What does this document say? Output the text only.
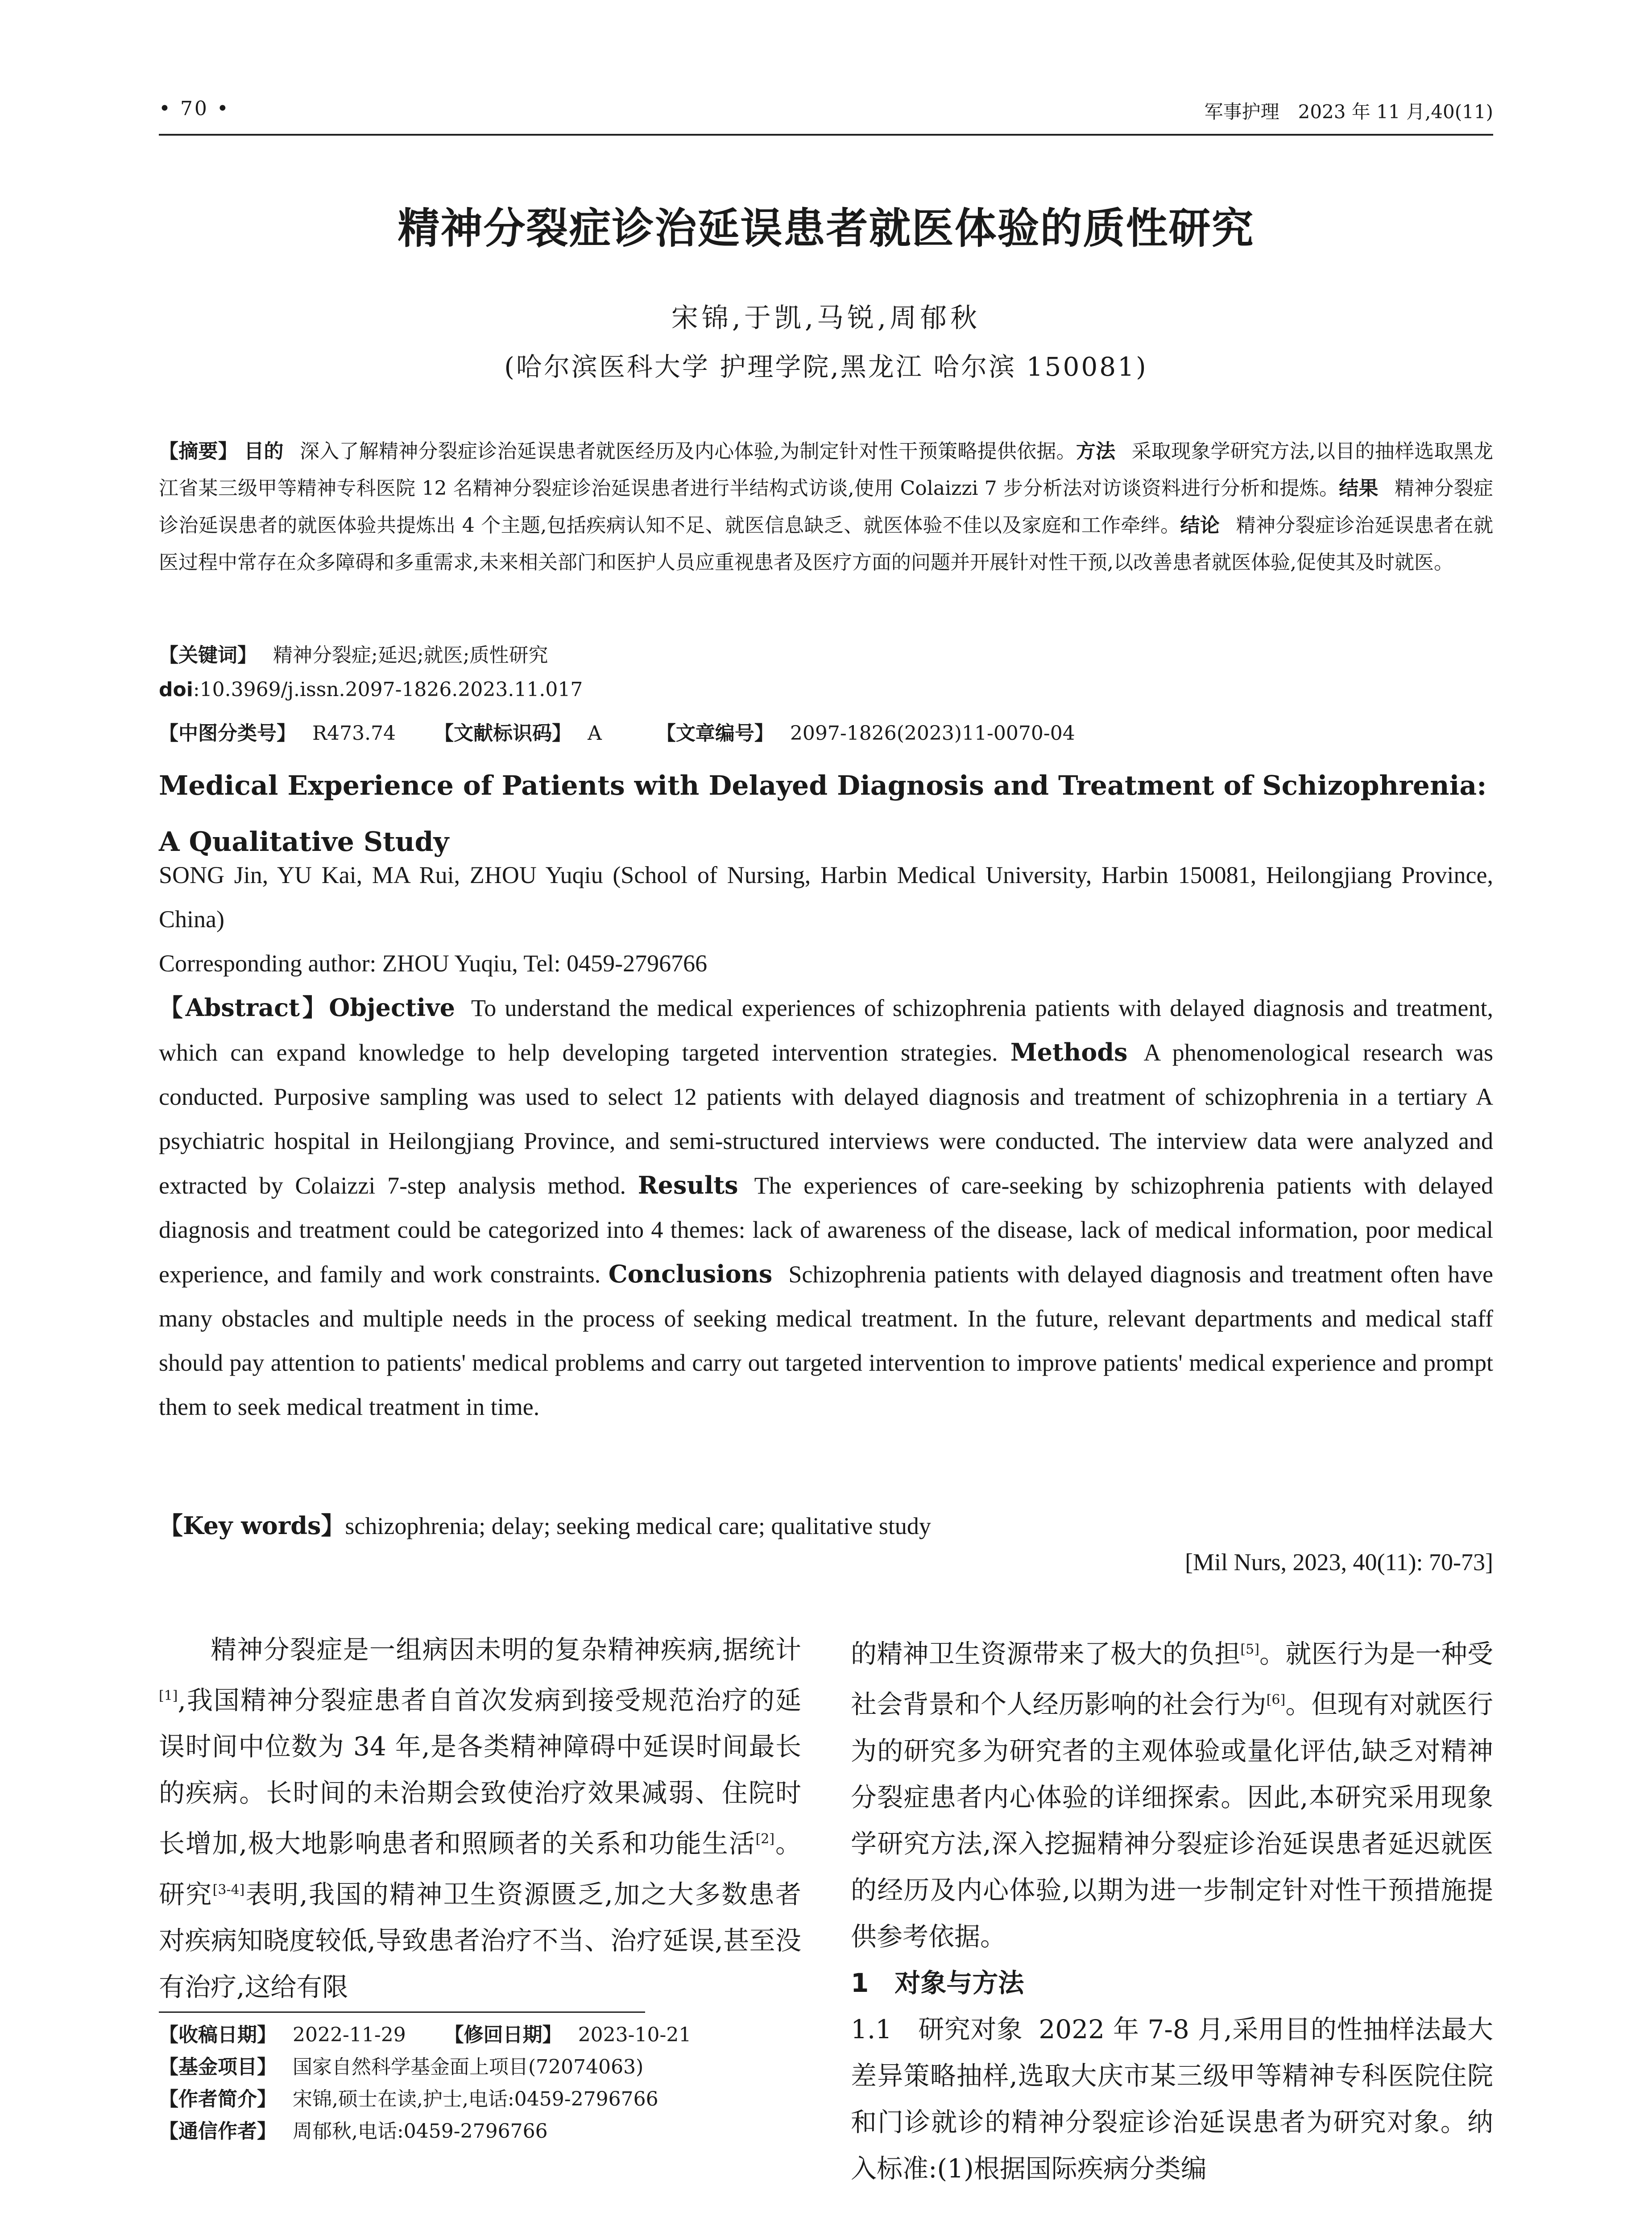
• 70 •	军事护理　2023 年 11 月,40(11)
精神分裂症诊治延误患者就医体验的质性研究
宋锦,于凯,马锐,周郁秋
(哈尔滨医科大学 护理学院,黑龙江 哈尔滨 150081)
【摘要】 目的 深入了解精神分裂症诊治延误患者就医经历及内心体验,为制定针对性干预策略提供依据。方法 采取现象学研究方法,以目的抽样选取黑龙江省某三级甲等精神专科医院 12 名精神分裂症诊治延误患者进行半结构式访谈,使用 Colaizzi 7 步分析法对访谈资料进行分析和提炼。结果 精神分裂症诊治延误患者的就医体验共提炼出 4 个主题,包括疾病认知不足、就医信息缺乏、就医体验不佳以及家庭和工作牵绊。结论 精神分裂症诊治延误患者在就医过程中常存在众多障碍和多重需求,未来相关部门和医护人员应重视患者及医疗方面的问题并开展针对性干预,以改善患者就医体验,促使其及时就医。
【关键词】 精神分裂症;延迟;就医;质性研究
doi:10.3969/j.issn.2097-1826.2023.11.017
【中图分类号】 R473.74 【文献标识码】 A	【文章编号】 2097-1826(2023)11-0070-04
Medical Experience of Patients with Delayed Diagnosis and Treatment of Schizophrenia: A Qualitative Study
SONG Jin, YU Kai, MA Rui, ZHOU Yuqiu (School of Nursing, Harbin Medical University, Harbin 150081, Heilongjiang Province, China)
Corresponding author: ZHOU Yuqiu, Tel: 0459-2796766
【Abstract】Objective To understand the medical experiences of schizophrenia patients with delayed diagnosis and treatment, which can expand knowledge to help developing targeted intervention strategies. Methods A phenomenological research was conducted. Purposive sampling was used to select 12 patients with delayed diagnosis and treatment of schizophrenia in a tertiary A psychiatric hospital in Heilongjiang Province, and semi-structured interviews were conducted. The interview data were analyzed and extracted by Colaizzi 7-step analysis method. Results The experiences of care-seeking by schizophrenia patients with delayed diagnosis and treatment could be categorized into 4 themes: lack of awareness of the disease, lack of medical information, poor medical experience, and family and work constraints. Conclusions Schizophrenia patients with delayed diagnosis and treatment often have many obstacles and multiple needs in the process of seeking medical treatment. In the future, relevant departments and medical staff should pay attention to patients' medical problems and carry out targeted intervention to improve patients' medical experience and prompt them to seek medical treatment in time.
【Key words】schizophrenia; delay; seeking medical care; qualitative study
[Mil Nurs, 2023, 40(11): 70-73]
精神分裂症是一组病因未明的复杂精神疾病,据统计[1],我国精神分裂症患者自首次发病到接受规范治疗的延误时间中位数为 34 年,是各类精神障碍中延误时间最长的疾病。长时间的未治期会致使治疗效果减弱、住院时长增加,极大地影响患者和照顾者的关系和功能生活[2]。研究[3-4]表明,我国的精神卫生资源匮乏,加之大多数患者对疾病知晓度较低,导致患者治疗不当、治疗延误,甚至没有治疗,这给有限
的精神卫生资源带来了极大的负担[5]。就医行为是一种受社会背景和个人经历影响的社会行为[6]。但现有对就医行为的研究多为研究者的主观体验或量化评估,缺乏对精神分裂症患者内心体验的详细探索。因此,本研究采用现象学研究方法,深入挖掘精神分裂症诊治延误患者延迟就医的经历及内心体验,以期为进一步制定针对性干预措施提供参考依据。
1　对象与方法
1.1　研究对象 2022 年 7-8 月,采用目的性抽样法最大差异策略抽样,选取大庆市某三级甲等精神专科医院住院和门诊就诊的精神分裂症诊治延误患者为研究对象。纳入标准:(1)根据国际疾病分类编
【收稿日期】 2022-11-29 【修回日期】 2023-10-21
【基金项目】 国家自然科学基金面上项目(72074063)
【作者简介】 宋锦,硕士在读,护士,电话:0459-2796766
【通信作者】 周郁秋,电话:0459-2796766
